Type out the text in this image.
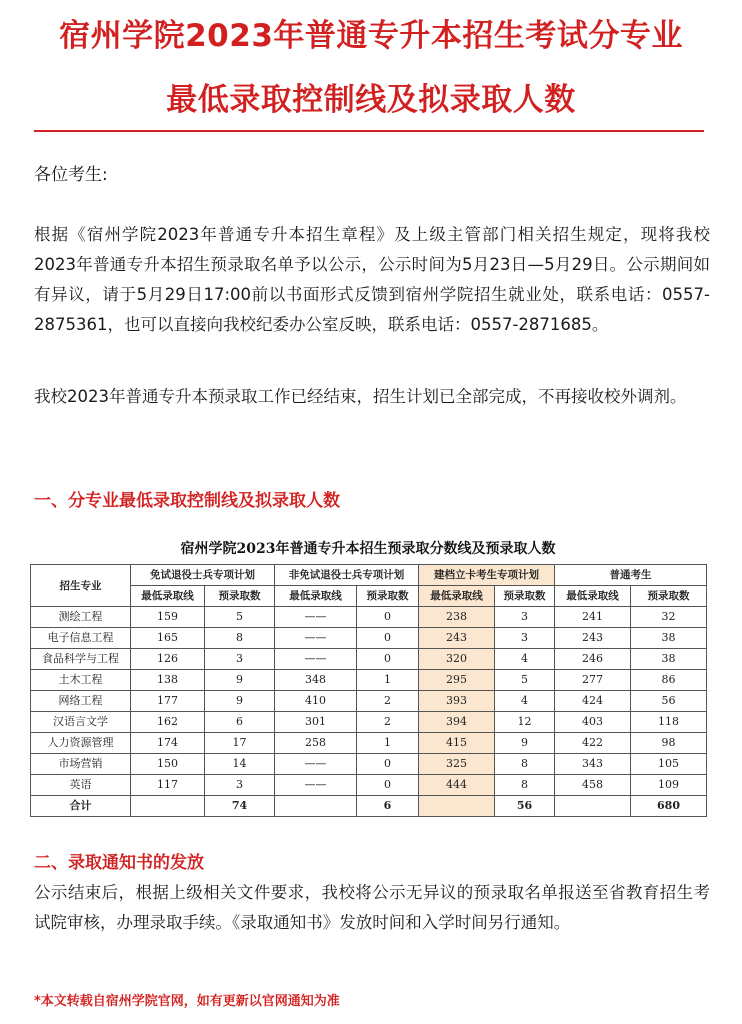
宿州学院2023年普通专升本招生考试分专业
最低录取控制线及拟录取人数

各位考生:

根据《宿州学院2023年普通专升本招生章程》及上级主管部门相关招生规定，现将我校2023年普通专升本招生预录取名单予以公示，公示时间为5月23日—5月29日。公示期间如有异议，请于5月29日17:00前以书面形式反馈到宿州学院招生就业处，联系电话：0557-2875361，也可以直接向我校纪委办公室反映，联系电话：0557-2871685。

我校2023年普通专升本预录取工作已经结束，招生计划已全部完成，不再接收校外调剂。

一、分专业最低录取控制线及拟录取人数

宿州学院2023年普通专升本招生预录取分数线及预录取人数

招生专业	免试退役士兵专项计划		非免试退役士兵专项计划		建档立卡考生专项计划		普通考生	
	最低录取线	预录取数	最低录取线	预录取数	最低录取线	预录取数	最低录取线	预录取数
测绘工程	159	5	——	0	238	3	241	32
电子信息工程	165	8	——	0	243	3	243	38
食品科学与工程	126	3	——	0	320	4	246	38
土木工程	138	9	348	1	295	5	277	86
网络工程	177	9	410	2	393	4	424	56
汉语言文学	162	6	301	2	394	12	403	118
人力资源管理	174	17	258	1	415	9	422	98
市场营销	150	14	——	0	325	8	343	105
英语	117	3	——	0	444	8	458	109
合计		74		6		56		680

二、录取通知书的发放

公示结束后，根据上级相关文件要求，我校将公示无异议的预录取名单报送至省教育招生考试院审核，办理录取手续。《录取通知书》发放时间和入学时间另行通知。

*本文转载自宿州学院官网，如有更新以官网通知为准
